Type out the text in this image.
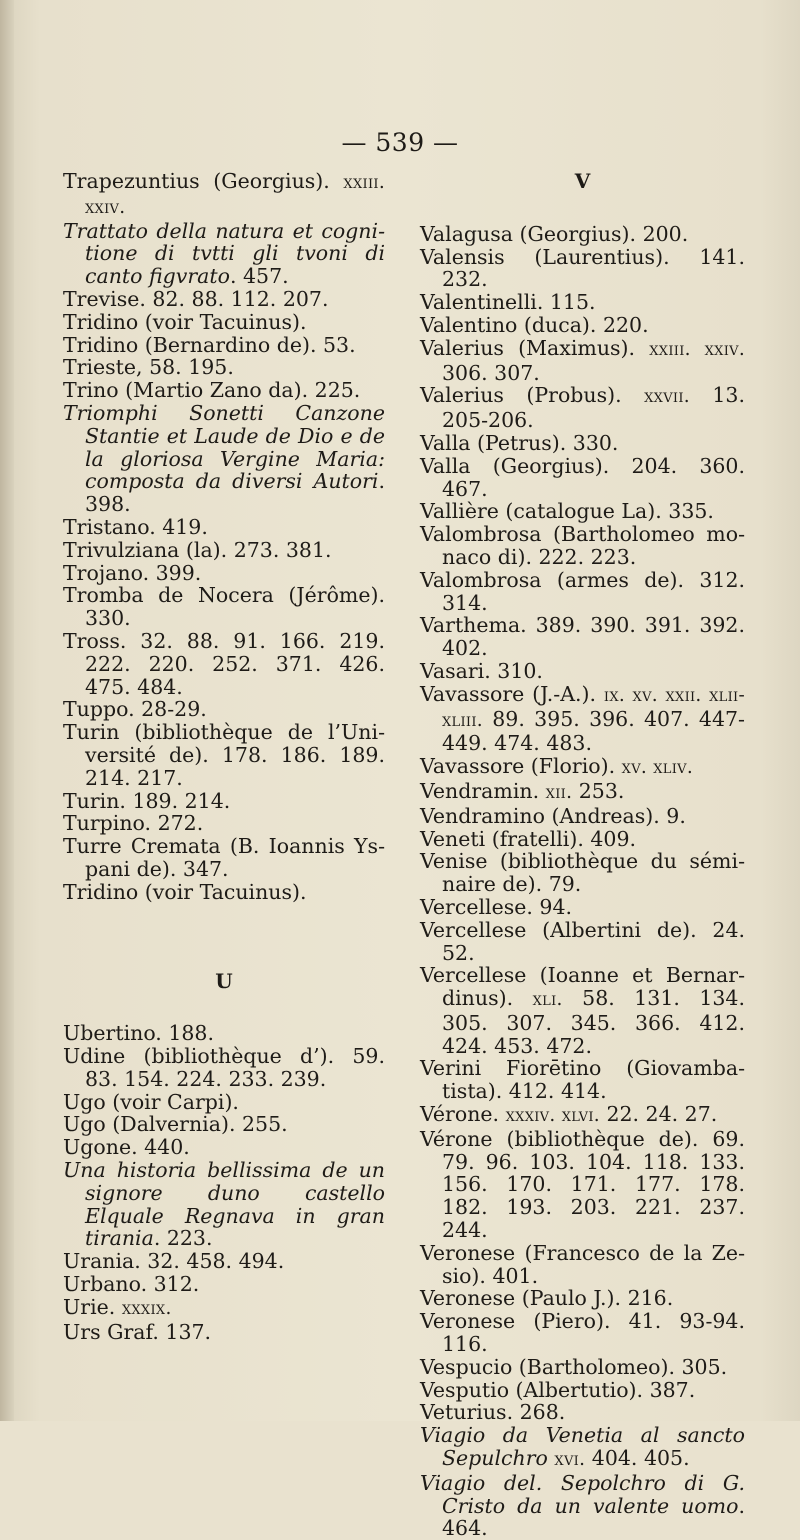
— 539 —
Trapezuntius (Georgius). xxiii. xxiv.
Trattato della natura et cognitione di tvtti gli tvoni di canto figvrato. 457.
Trevise. 82. 88. 112. 207.
Tridino (voir Tacuinus).
Tridino (Bernardino de). 53.
Trieste, 58. 195.
Trino (Martio Zano da). 225.
Triomphi Sonetti Canzone Stantie et Laude de Dio e de la gloriosa Vergine Maria: composta da diversi Autori. 398.
Tristano. 419.
Trivulziana (la). 273. 381.
Trojano. 399.
Tromba de Nocera (Jérôme). 330.
Tross. 32. 88. 91. 166. 219. 222. 220. 252. 371. 426. 475. 484.
Tuppo. 28-29.
Turin (bibliothèque de l’Université de). 178. 186. 189. 214. 217.
Turin. 189. 214.
Turpino. 272.
Turre Cremata (B. Ioannis Yspani de). 347.
Tridino (voir Tacuinus).
U
Ubertino. 188.
Udine (bibliothèque d’). 59. 83. 154. 224. 233. 239.
Ugo (voir Carpi).
Ugo (Dalvernia). 255.
Ugone. 440.
Una historia bellissima de un signore duno castello Elquale Regnava in gran tirania. 223.
Urania. 32. 458. 494.
Urbano. 312.
Urie. xxxix.
Urs Graf. 137.
V
Valagusa (Georgius). 200.
Valensis (Laurentius). 141. 232.
Valentinelli. 115.
Valentino (duca). 220.
Valerius (Maximus). xxiii. xxiv. 306. 307.
Valerius (Probus). xxvii. 13. 205-206.
Valla (Petrus). 330.
Valla (Georgius). 204. 360. 467.
Vallière (catalogue La). 335.
Valombrosa (Bartholomeo monaco di). 222. 223.
Valombrosa (armes de). 312. 314.
Varthema. 389. 390. 391. 392. 402.
Vasari. 310.
Vavassore (J.-A.). ix. xv. xxii. xlii-xliii. 89. 395. 396. 407. 447-449. 474. 483.
Vavassore (Florio). xv. xliv.
Vendramin. xii. 253.
Vendramino (Andreas). 9.
Veneti (fratelli). 409.
Venise (bibliothèque du séminaire de). 79.
Vercellese. 94.
Vercellese (Albertini de). 24. 52.
Vercellese (Ioanne et Bernardinus). xli. 58. 131. 134. 305. 307. 345. 366. 412. 424. 453. 472.
Verini Fiorētino (Giovambatista). 412. 414.
Vérone. xxxiv. xlvi. 22. 24. 27.
Vérone (bibliothèque de). 69. 79. 96. 103. 104. 118. 133. 156. 170. 171. 177. 178. 182. 193. 203. 221. 237. 244.
Veronese (Francesco de la Zesio). 401.
Veronese (Paulo J.). 216.
Veronese (Piero). 41. 93-94. 116.
Vespucio (Bartholomeo). 305.
Vesputio (Albertutio). 387.
Veturius. 268.
Viagio da Venetia al sancto Sepulchro xvi. 404. 405.
Viagio del. Sepolchro di G. Cristo da un valente uomo. 464.
